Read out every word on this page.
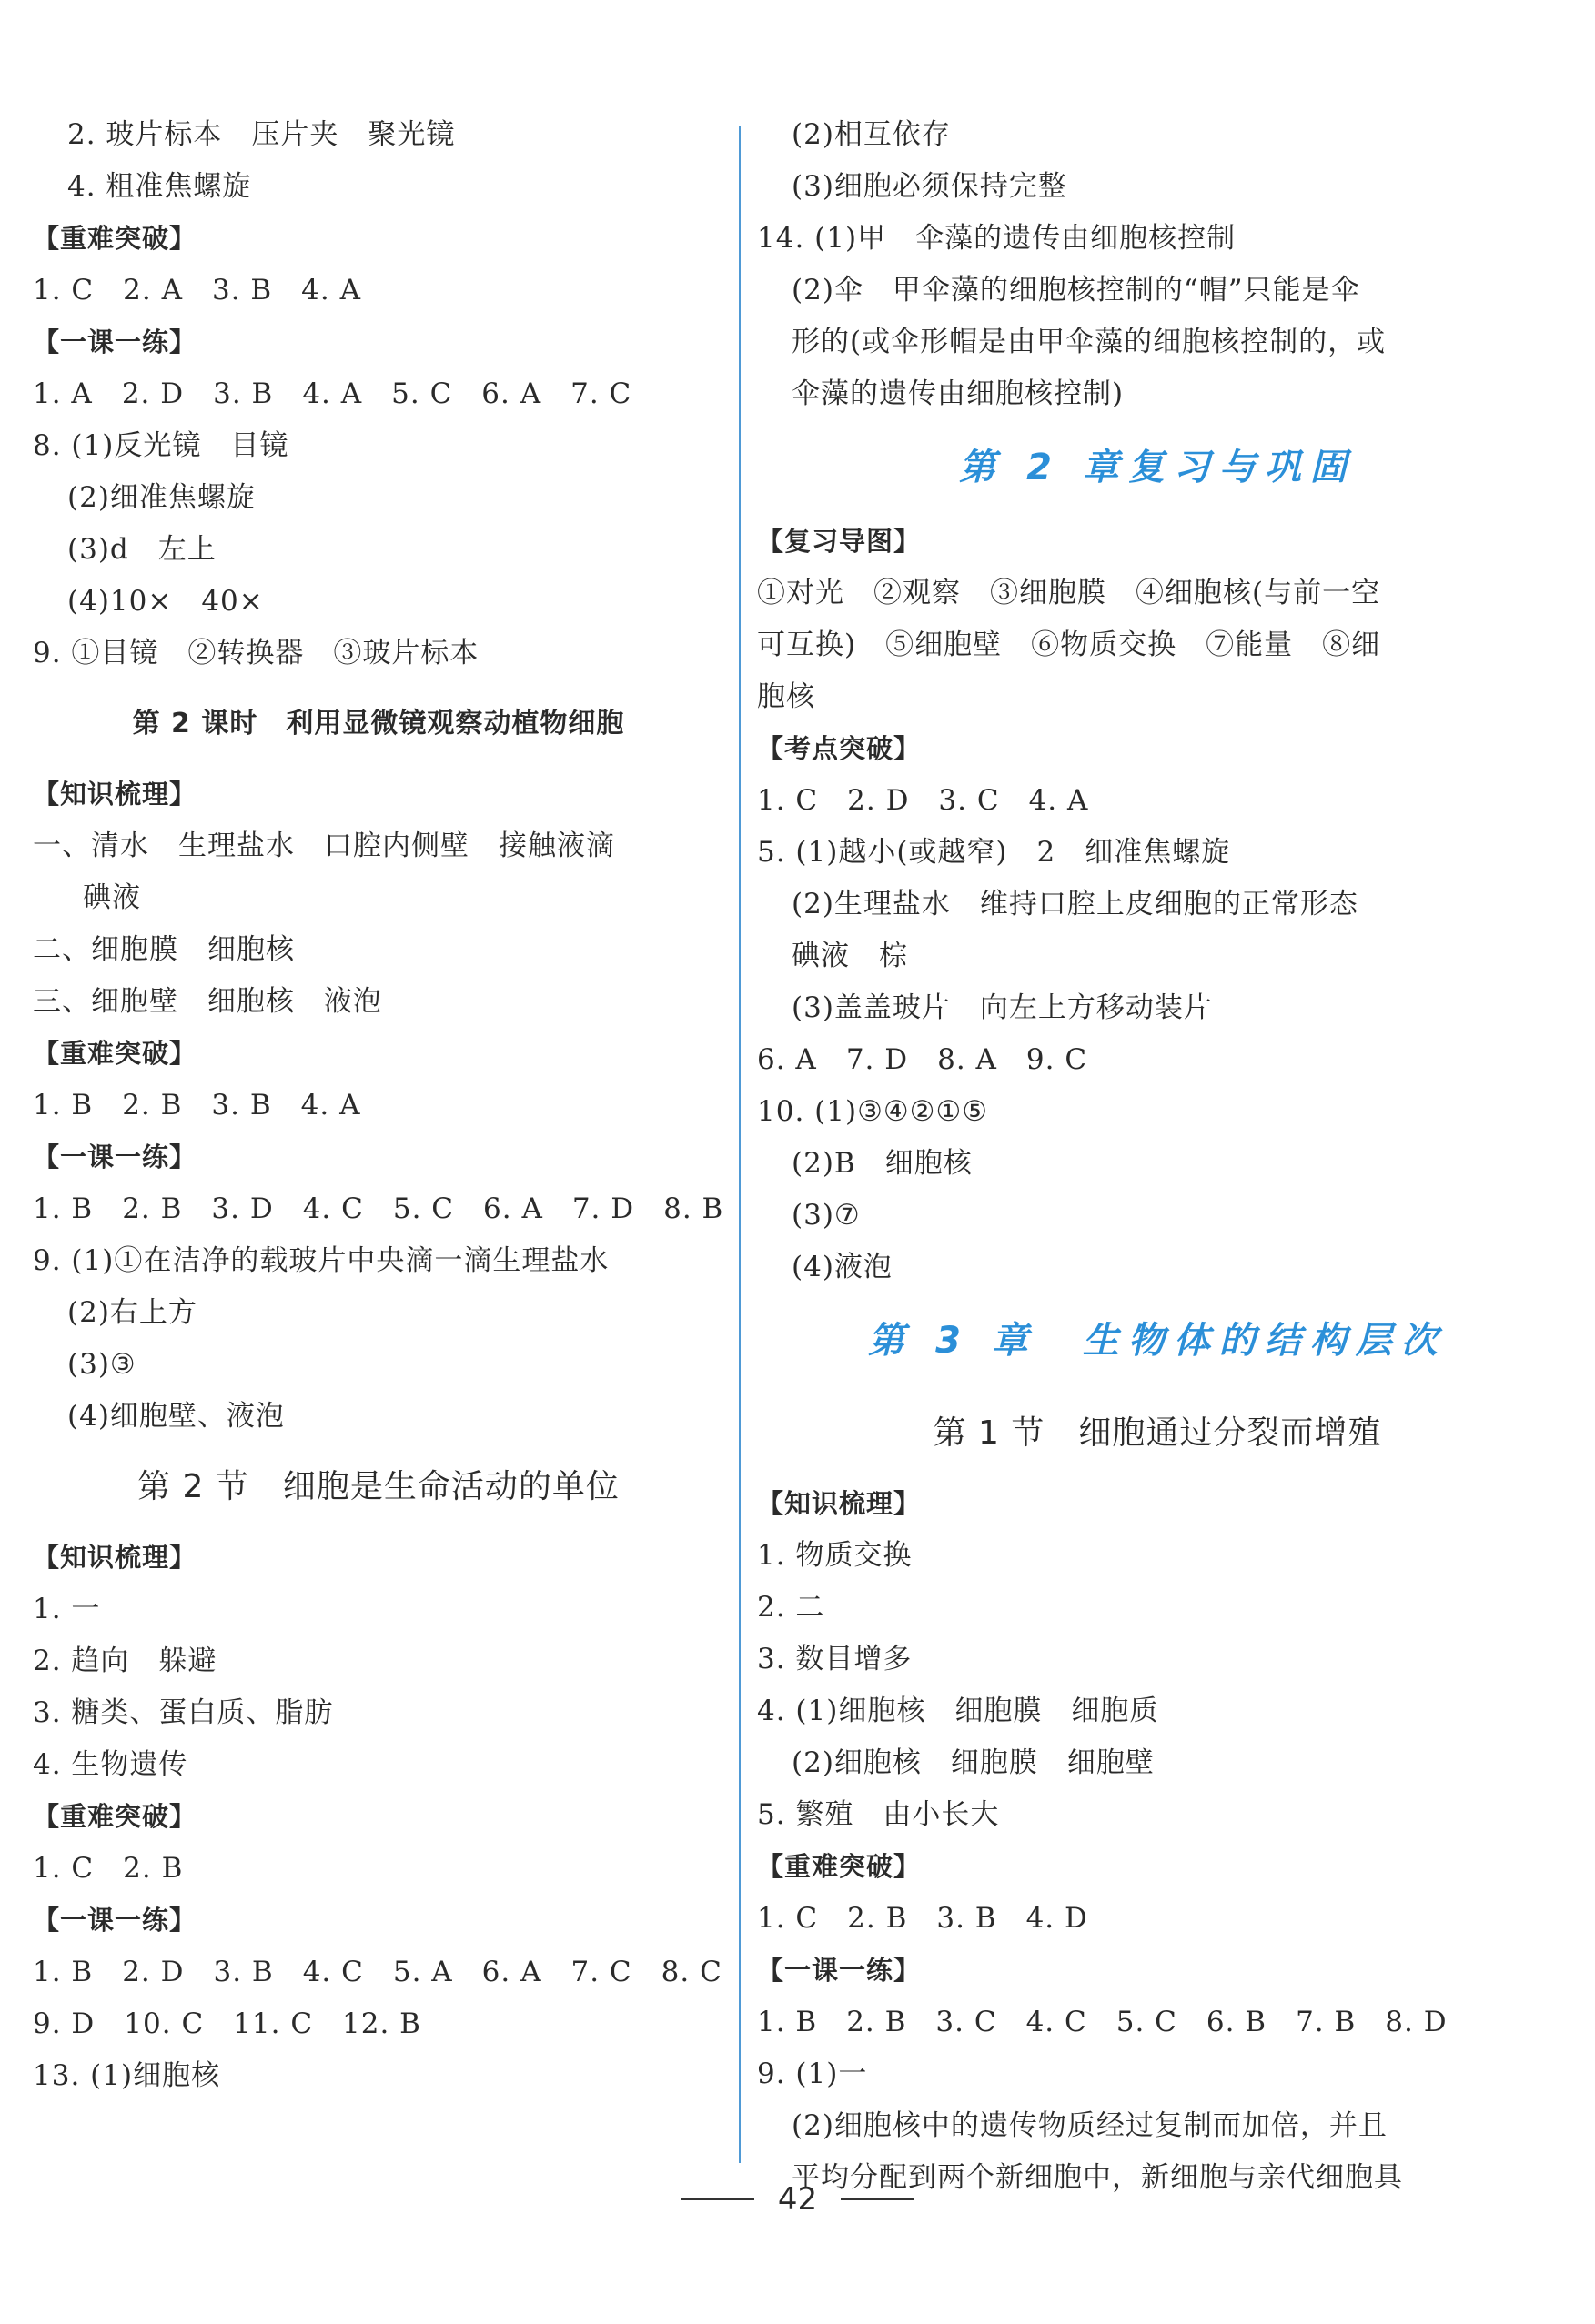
2. 玻片标本　压片夹　聚光镜
4. 粗准焦螺旋
【重难突破】
1. C　2. A　3. B　4. A
【一课一练】
1. A　2. D　3. B　4. A　5. C　6. A　7. C
8. (1)反光镜　目镜
(2)细准焦螺旋
(3)d　左上
(4)10×　40×
9. ①目镜　②转换器　③玻片标本
第 2 课时　利用显微镜观察动植物细胞
【知识梳理】
一、清水　生理盐水　口腔内侧壁　接触液滴
碘液
二、细胞膜　细胞核
三、细胞壁　细胞核　液泡
【重难突破】
1. B　2. B　3. B　4. A
【一课一练】
1. B　2. B　3. D　4. C　5. C　6. A　7. D　8. B
9. (1)①在洁净的载玻片中央滴一滴生理盐水
(2)右上方
(3)③
(4)细胞壁、液泡
第 2 节　细胞是生命活动的单位
【知识梳理】
1. 一
2. 趋向　躲避
3. 糖类、蛋白质、脂肪
4. 生物遗传
【重难突破】
1. C　2. B
【一课一练】
1. B　2. D　3. B　4. C　5. A　6. A　7. C　8. C
9. D　10. C　11. C　12. B
13. (1)细胞核
(2)相互依存
(3)细胞必须保持完整
14. (1)甲　伞藻的遗传由细胞核控制
(2)伞　甲伞藻的细胞核控制的“帽”只能是伞
形的(或伞形帽是由甲伞藻的细胞核控制的，或
伞藻的遗传由细胞核控制)
第 2 章复习与巩固
【复习导图】
①对光　②观察　③细胞膜　④细胞核(与前一空
可互换)　⑤细胞壁　⑥物质交换　⑦能量　⑧细
胞核
【考点突破】
1. C　2. D　3. C　4. A
5. (1)越小(或越窄)　2　细准焦螺旋
(2)生理盐水　维持口腔上皮细胞的正常形态
碘液　棕
(3)盖盖玻片　向左上方移动装片
6. A　7. D　8. A　9. C
10. (1)③④②①⑤
(2)B　细胞核
(3)⑦
(4)液泡
第 3 章　生物体的结构层次
第 1 节　细胞通过分裂而增殖
【知识梳理】
1. 物质交换
2. 二
3. 数目增多
4. (1)细胞核　细胞膜　细胞质
(2)细胞核　细胞膜　细胞壁
5. 繁殖　由小长大
【重难突破】
1. C　2. B　3. B　4. D
【一课一练】
1. B　2. B　3. C　4. C　5. C　6. B　7. B　8. D
9. (1)一
(2)细胞核中的遗传物质经过复制而加倍，并且
平均分配到两个新细胞中，新细胞与亲代细胞具
42
